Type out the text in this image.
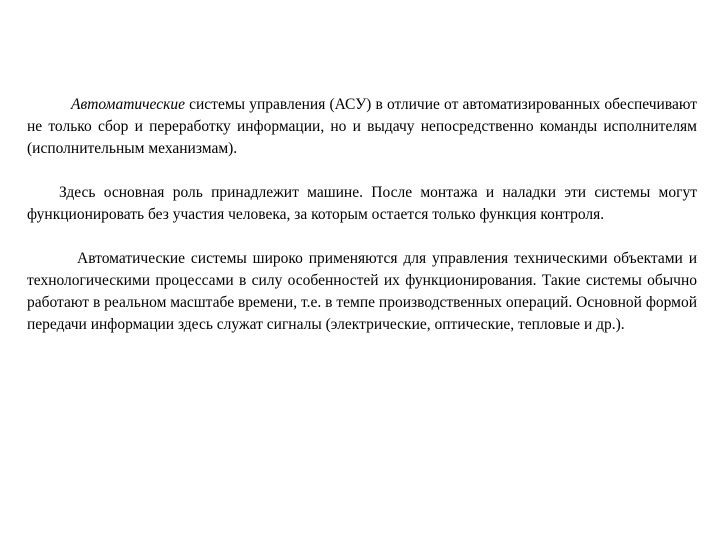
Автоматические системы управления (АСУ) в отличие от автоматизированных обеспечивают не только сбор и переработку информации, но и выдачу непосредственно команды исполнителям (исполнительным механизмам).

Здесь основная роль принадлежит машине. После монтажа и наладки эти системы могут функционировать без участия человека, за которым остается только функция контроля.

Автоматические системы широко применяются для управления техническими объектами и технологическими процессами в силу особенностей их функционирования. Такие системы обычно работают в реальном масштабе времени, т.е. в темпе производственных операций. Основной формой передачи информации здесь служат сигналы (электрические, оптические, тепловые и др.).
